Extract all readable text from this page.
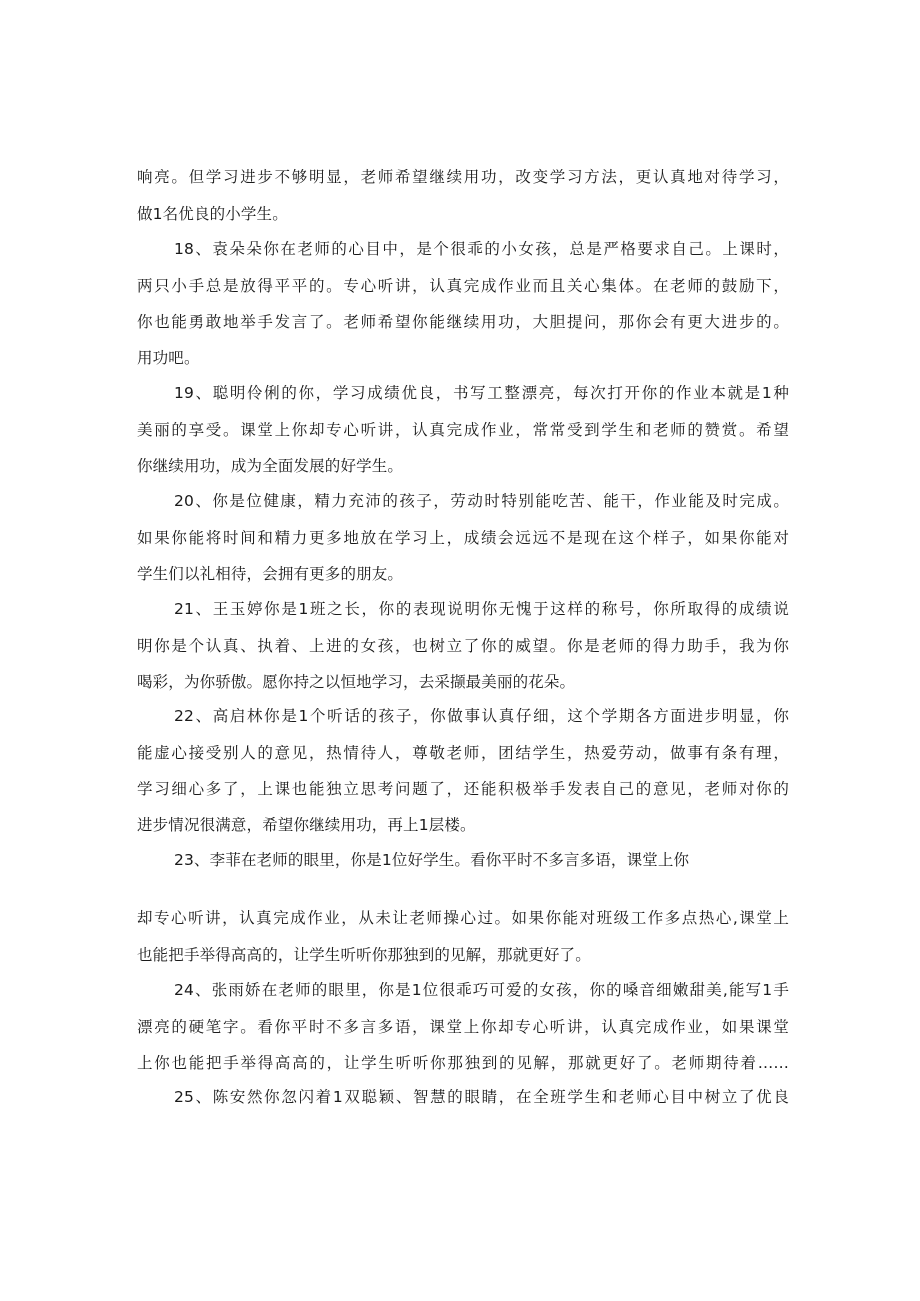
响亮。但学习进步不够明显，老师希望继续用功，改变学习方法，更认真地对待学习，
做1名优良的小学生。
18、袁朵朵你在老师的心目中，是个很乖的小女孩，总是严格要求自己。上课时，
两只小手总是放得平平的。专心听讲，认真完成作业而且关心集体。在老师的鼓励下，
你也能勇敢地举手发言了。老师希望你能继续用功，大胆提问，那你会有更大进步的。
用功吧。
19、聪明伶俐的你，学习成绩优良，书写工整漂亮，每次打开你的作业本就是1种
美丽的享受。课堂上你却专心听讲，认真完成作业，常常受到学生和老师的赞赏。希望
你继续用功，成为全面发展的好学生。
20、你是位健康，精力充沛的孩子，劳动时特别能吃苦、能干，作业能及时完成。
如果你能将时间和精力更多地放在学习上，成绩会远远不是现在这个样子，如果你能对
学生们以礼相待，会拥有更多的朋友。
21、王玉婷你是1班之长，你的表现说明你无愧于这样的称号，你所取得的成绩说
明你是个认真、执着、上进的女孩，也树立了你的威望。你是老师的得力助手，我为你
喝彩，为你骄傲。愿你持之以恒地学习，去采撷最美丽的花朵。
22、高启林你是1个听话的孩子，你做事认真仔细，这个学期各方面进步明显，你
能虚心接受别人的意见，热情待人，尊敬老师，团结学生，热爱劳动，做事有条有理，
学习细心多了，上课也能独立思考问题了，还能积极举手发表自己的意见，老师对你的
进步情况很满意，希望你继续用功，再上1层楼。
23、李菲在老师的眼里，你是1位好学生。看你平时不多言多语，课堂上你
却专心听讲，认真完成作业，从未让老师操心过。如果你能对班级工作多点热心,课堂上
也能把手举得高高的，让学生听听你那独到的见解，那就更好了。
24、张雨娇在老师的眼里，你是1位很乖巧可爱的女孩，你的嗓音细嫩甜美,能写1手
漂亮的硬笔字。看你平时不多言多语，课堂上你却专心听讲，认真完成作业，如果课堂
上你也能把手举得高高的，让学生听听你那独到的见解，那就更好了。老师期待着……
25、陈安然你忽闪着1双聪颖、智慧的眼睛，在全班学生和老师心目中树立了优良
